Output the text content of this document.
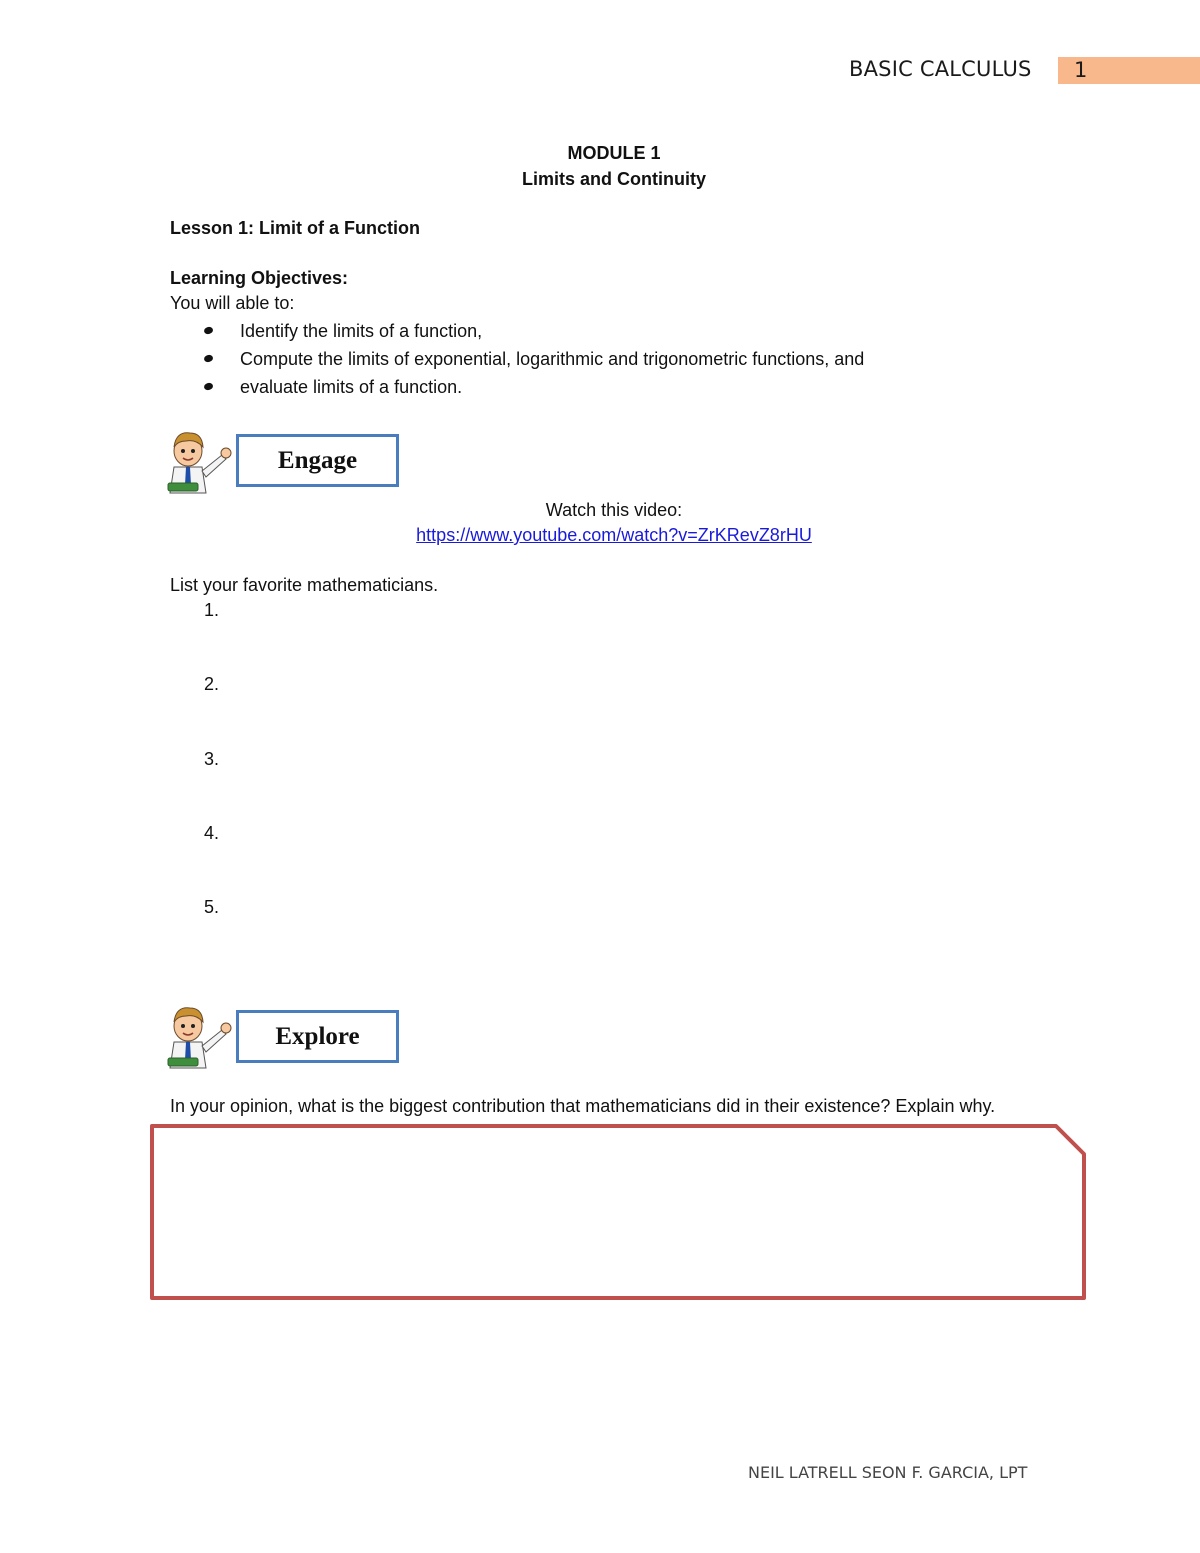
BASIC CALCULUS	1
MODULE 1
Limits and Continuity
Lesson 1: Limit of a Function
Learning Objectives:
You will able to:
Identify the limits of a function,
Compute the limits of exponential, logarithmic and trigonometric functions, and
evaluate limits of a function.
Engage
Watch this video:
https://www.youtube.com/watch?v=ZrKRevZ8rHU
List your favorite mathematicians.
1.
2.
3.
4.
5.
Explore
In your opinion, what is the biggest contribution that mathematicians did in their existence? Explain why.
NEIL LATRELL SEON F. GARCIA, LPT
